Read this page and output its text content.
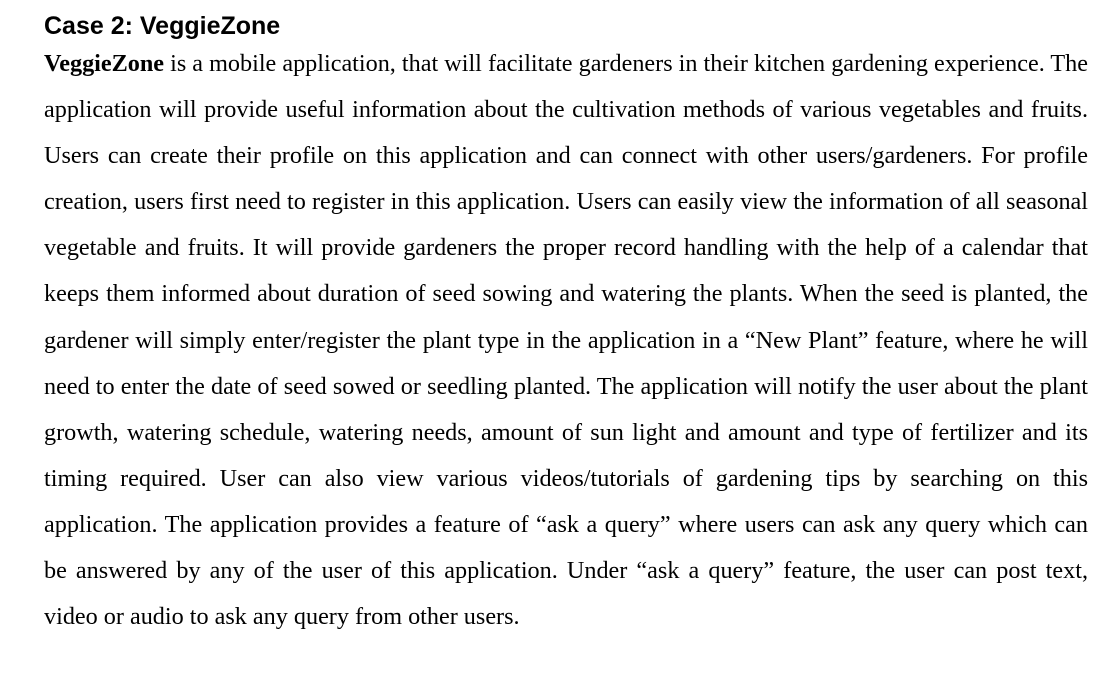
Case 2: VeggieZone

VeggieZone is a mobile application, that will facilitate gardeners in their kitchen gardening experience. The application will provide useful information about the cultivation methods of various vegetables and fruits. Users can create their profile on this application and can connect with other users/gardeners. For profile creation, users first need to register in this application. Users can easily view the information of all seasonal vegetable and fruits. It will provide gardeners the proper record handling with the help of a calendar that keeps them informed about duration of seed sowing and watering the plants. When the seed is planted, the gardener will simply enter/register the plant type in the application in a “New Plant” feature, where he will need to enter the date of seed sowed or seedling planted. The application will notify the user about the plant growth, watering schedule, watering needs, amount of sun light and amount and type of fertilizer and its timing required. User can also view various videos/tutorials of gardening tips by searching on this application. The application provides a feature of “ask a query” where users can ask any query which can be answered by any of the user of this application. Under “ask a query” feature, the user can post text, video or audio to ask any query from other users.
